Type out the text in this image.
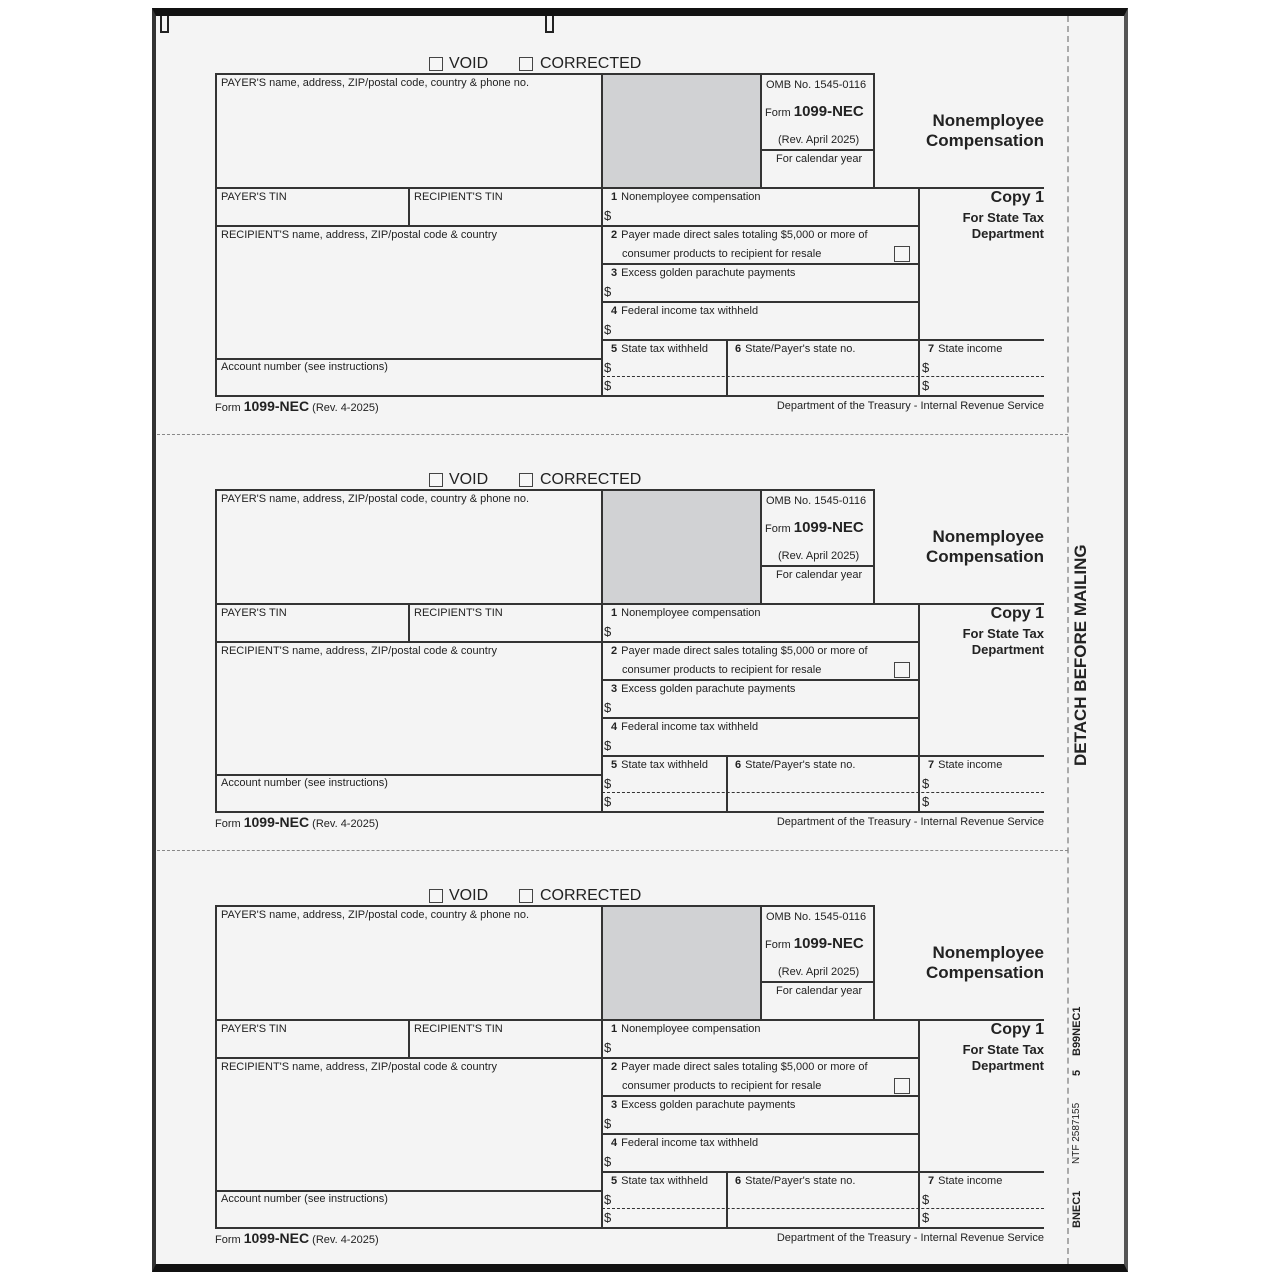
DETACH BEFORE MAILING
B99NEC1
5
NTF 2587155
BNEC1
VOID	CORRECTED
PAYER'S name, address, ZIP/postal code, country & phone no.	OMB No. 1545-0116
Form 1099-NEC
(Rev. April 2025)
For calendar year
Nonemployee
Compensation
PAYER'S TIN	RECIPIENT'S TIN
RECIPIENT'S name, address, ZIP/postal code & country
Account number (see instructions)
1 Nonemployee compensation
$
2 Payer made direct sales totaling $5,000 or more of
consumer products to recipient for resale
3 Excess golden parachute payments
$
4 Federal income tax withheld
$
5 State tax withheld
$
$
6 State/Payer's state no.	7 State income
$
$
Copy 1
For State Tax
Department
Form 1099-NEC (Rev. 4-2025)	Department of the Treasury - Internal Revenue Service
VOID	CORRECTED
PAYER'S name, address, ZIP/postal code, country & phone no.	OMB No. 1545-0116
Form 1099-NEC
(Rev. April 2025)
For calendar year
Nonemployee
Compensation
PAYER'S TIN	RECIPIENT'S TIN
RECIPIENT'S name, address, ZIP/postal code & country
Account number (see instructions)
1 Nonemployee compensation
$
2 Payer made direct sales totaling $5,000 or more of
consumer products to recipient for resale
3 Excess golden parachute payments
$
4 Federal income tax withheld
$
5 State tax withheld
$
$
6 State/Payer's state no.	7 State income
$
$
Copy 1
For State Tax
Department
Form 1099-NEC (Rev. 4-2025)	Department of the Treasury - Internal Revenue Service
VOID	CORRECTED
PAYER'S name, address, ZIP/postal code, country & phone no.	OMB No. 1545-0116
Form 1099-NEC
(Rev. April 2025)
For calendar year
Nonemployee
Compensation
PAYER'S TIN	RECIPIENT'S TIN
RECIPIENT'S name, address, ZIP/postal code & country
Account number (see instructions)
1 Nonemployee compensation
$
2 Payer made direct sales totaling $5,000 or more of
consumer products to recipient for resale
3 Excess golden parachute payments
$
4 Federal income tax withheld
$
5 State tax withheld
$
$
6 State/Payer's state no.	7 State income
$
$
Copy 1
For State Tax
Department
Form 1099-NEC (Rev. 4-2025)	Department of the Treasury - Internal Revenue Service
